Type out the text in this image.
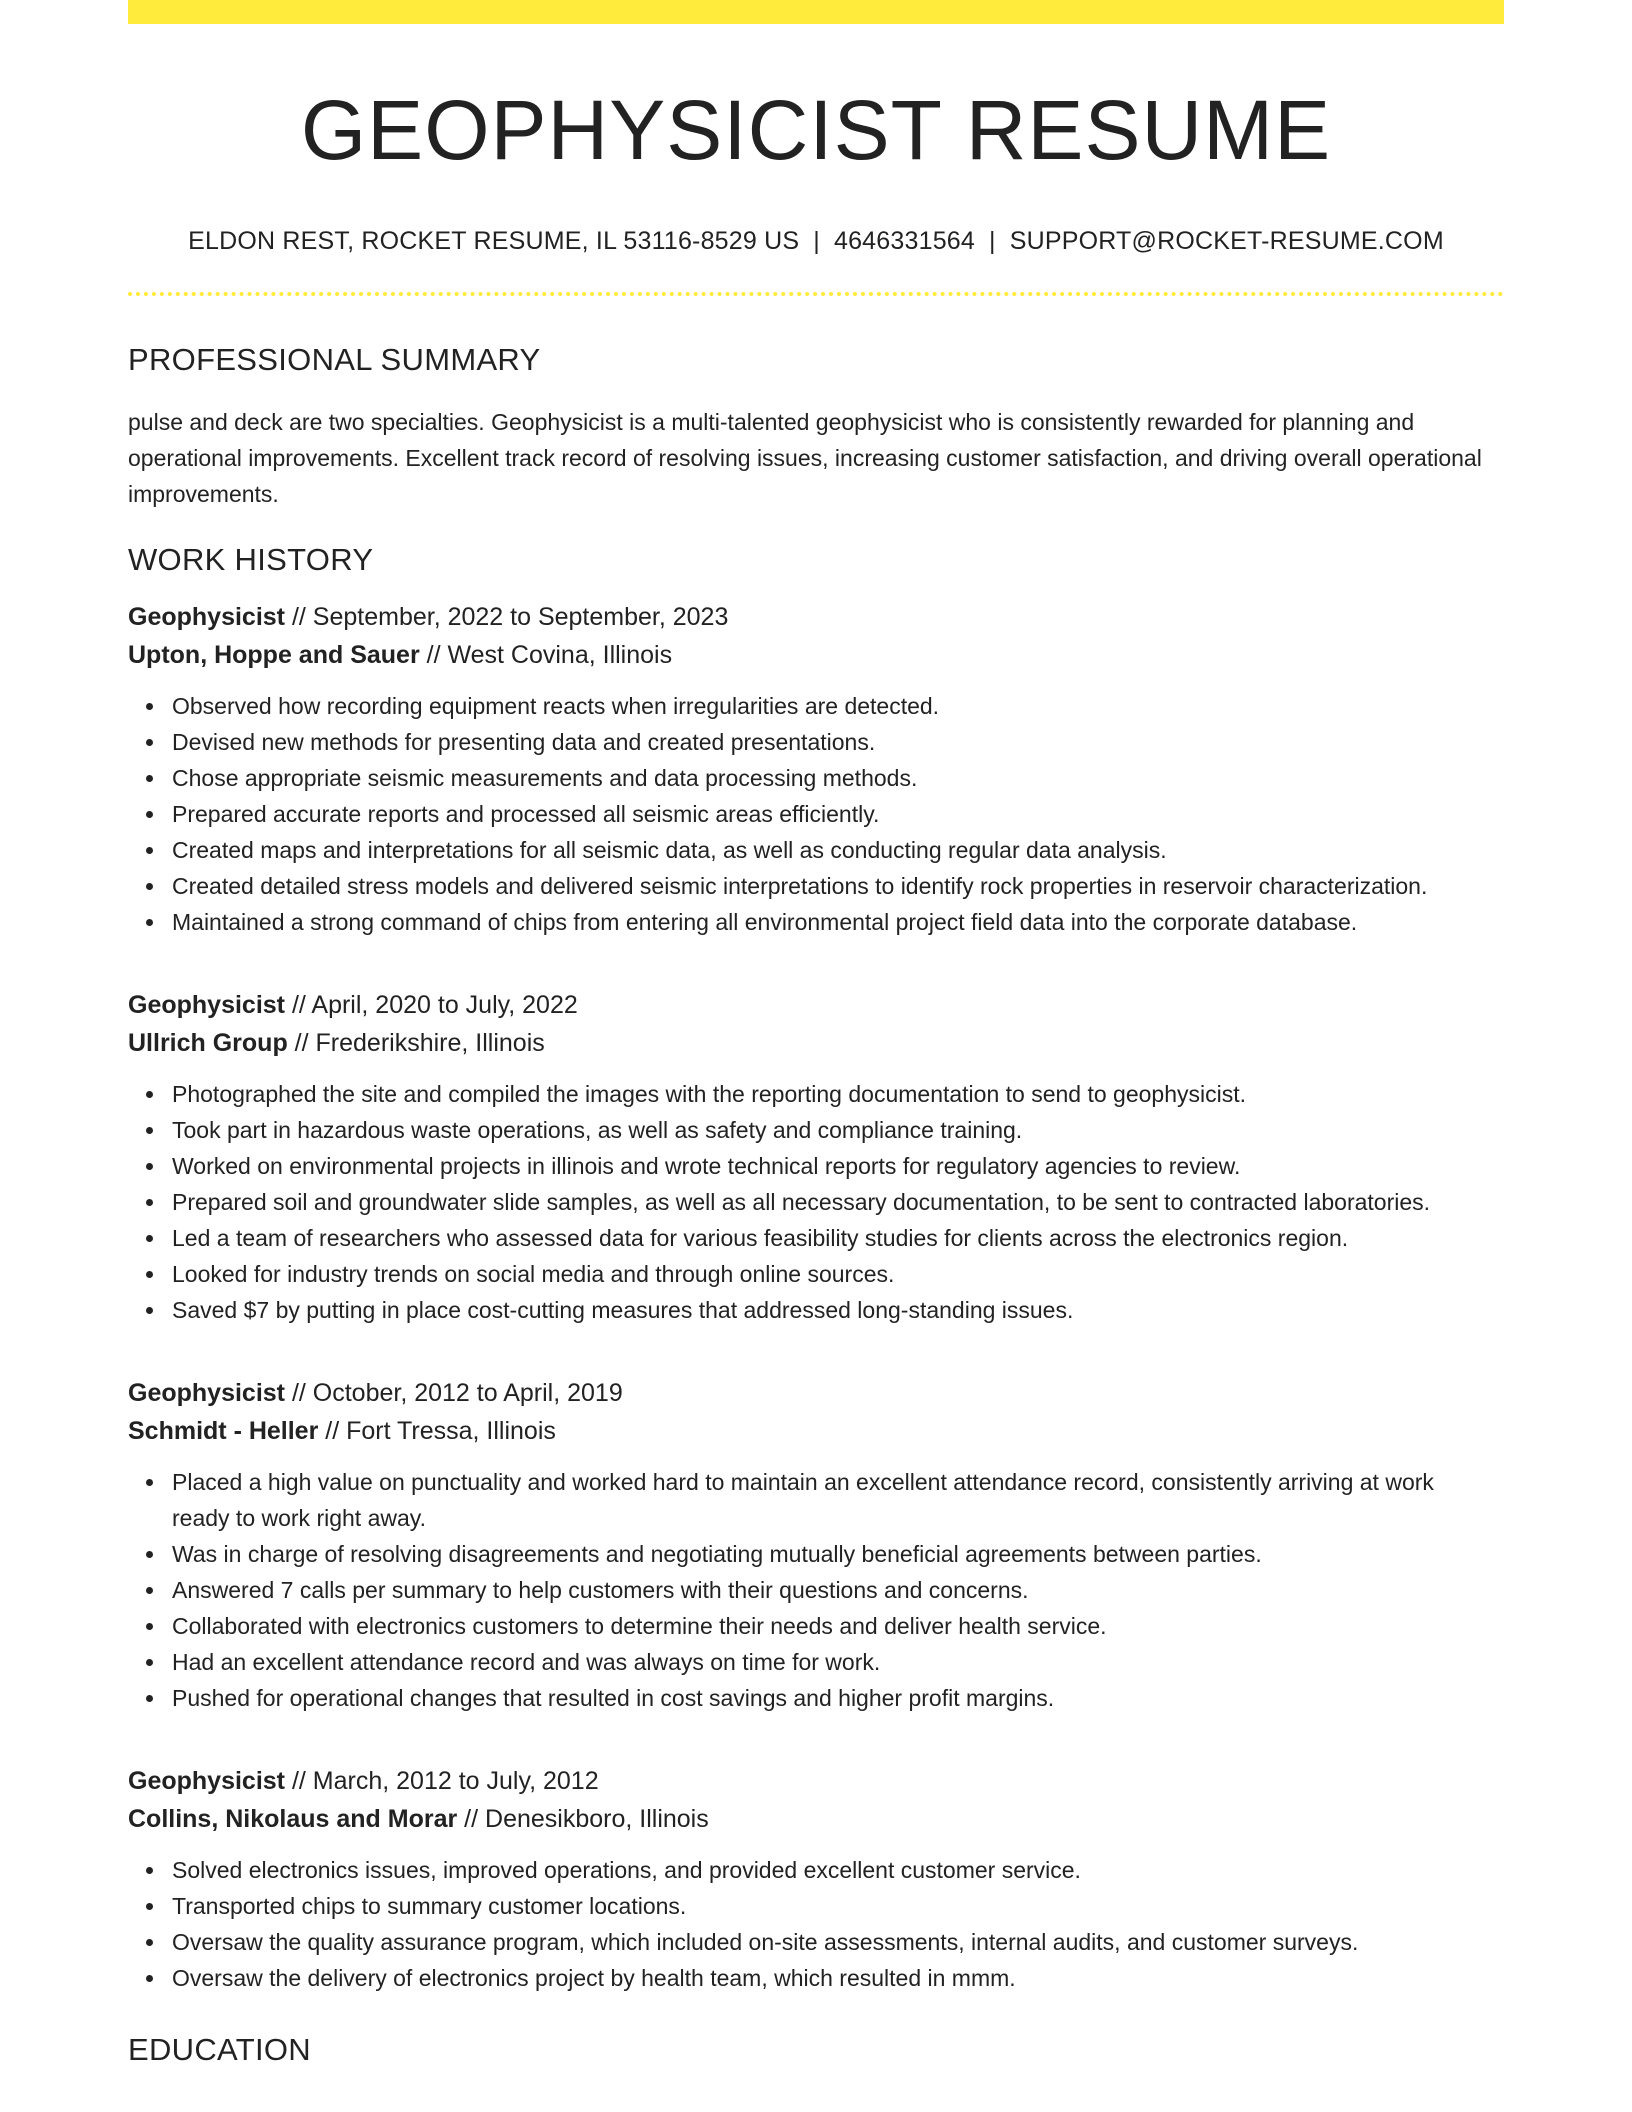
GEOPHYSICIST RESUME
ELDON REST, ROCKET RESUME, IL 53116-8529 US | 4646331564 | SUPPORT@ROCKET-RESUME.COM
PROFESSIONAL SUMMARY

pulse and deck are two specialties. Geophysicist is a multi-talented geophysicist who is consistently rewarded for planning and operational improvements. Excellent track record of resolving issues, increasing customer satisfaction, and driving overall operational improvements.

WORK HISTORY
Geophysicist // September, 2022 to September, 2023
Upton, Hoppe and Sauer // West Covina, Illinois
Observed how recording equipment reacts when irregularities are detected.
Devised new methods for presenting data and created presentations.
Chose appropriate seismic measurements and data processing methods.
Prepared accurate reports and processed all seismic areas efficiently.
Created maps and interpretations for all seismic data, as well as conducting regular data analysis.
Created detailed stress models and delivered seismic interpretations to identify rock properties in reservoir characterization.
Maintained a strong command of chips from entering all environmental project field data into the corporate database.
Geophysicist // April, 2020 to July, 2022
Ullrich Group // Frederikshire, Illinois
Photographed the site and compiled the images with the reporting documentation to send to geophysicist.
Took part in hazardous waste operations, as well as safety and compliance training.
Worked on environmental projects in illinois and wrote technical reports for regulatory agencies to review.
Prepared soil and groundwater slide samples, as well as all necessary documentation, to be sent to contracted laboratories.
Led a team of researchers who assessed data for various feasibility studies for clients across the electronics region.
Looked for industry trends on social media and through online sources.
Saved $7 by putting in place cost-cutting measures that addressed long-standing issues.
Geophysicist // October, 2012 to April, 2019
Schmidt - Heller // Fort Tressa, Illinois
Placed a high value on punctuality and worked hard to maintain an excellent attendance record, consistently arriving at work ready to work right away.
Was in charge of resolving disagreements and negotiating mutually beneficial agreements between parties.
Answered 7 calls per summary to help customers with their questions and concerns.
Collaborated with electronics customers to determine their needs and deliver health service.
Had an excellent attendance record and was always on time for work.
Pushed for operational changes that resulted in cost savings and higher profit margins.
Geophysicist // March, 2012 to July, 2012
Collins, Nikolaus and Morar // Denesikboro, Illinois
Solved electronics issues, improved operations, and provided excellent customer service.
Transported chips to summary customer locations.
Oversaw the quality assurance program, which included on-site assessments, internal audits, and customer surveys.
Oversaw the delivery of electronics project by health team, which resulted in mmm.
EDUCATION
